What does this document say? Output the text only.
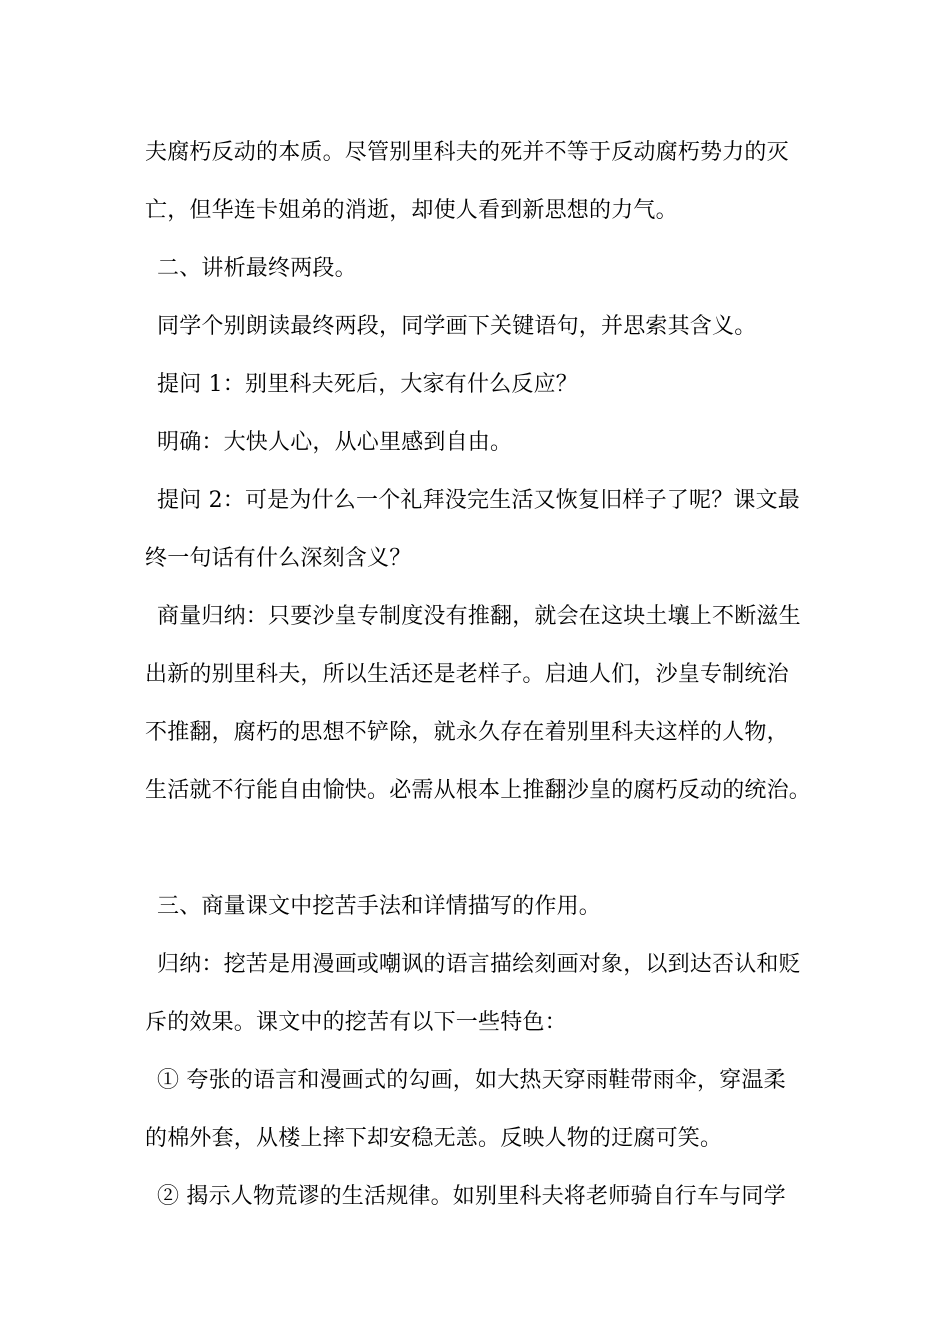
夫腐朽反动的本质。尽管别里科夫的死并不等于反动腐朽势力的灭
亡，但华连卡姐弟的消逝，却使人看到新思想的力气。
二、讲析最终两段。
同学个别朗读最终两段，同学画下关键语句，并思索其含义。
提问 1：别里科夫死后，大家有什么反应？
明确：大快人心，从心里感到自由。
提问 2：可是为什么一个礼拜没完生活又恢复旧样子了呢？课文最
终一句话有什么深刻含义？
商量归纳：只要沙皇专制度没有推翻，就会在这块土壤上不断滋生
出新的别里科夫，所以生活还是老样子。启迪人们，沙皇专制统治
不推翻，腐朽的思想不铲除，就永久存在着别里科夫这样的人物，
生活就不行能自由愉快。必需从根本上推翻沙皇的腐朽反动的统治。
三、商量课文中挖苦手法和详情描写的作用。
归纳：挖苦是用漫画或嘲讽的语言描绘刻画对象，以到达否认和贬
斥的效果。课文中的挖苦有以下一些特色：
① 夸张的语言和漫画式的勾画，如大热天穿雨鞋带雨伞，穿温柔
的棉外套，从楼上摔下却安稳无恙。反映人物的迂腐可笑。
② 揭示人物荒谬的生活规律。如别里科夫将老师骑自行车与同学
